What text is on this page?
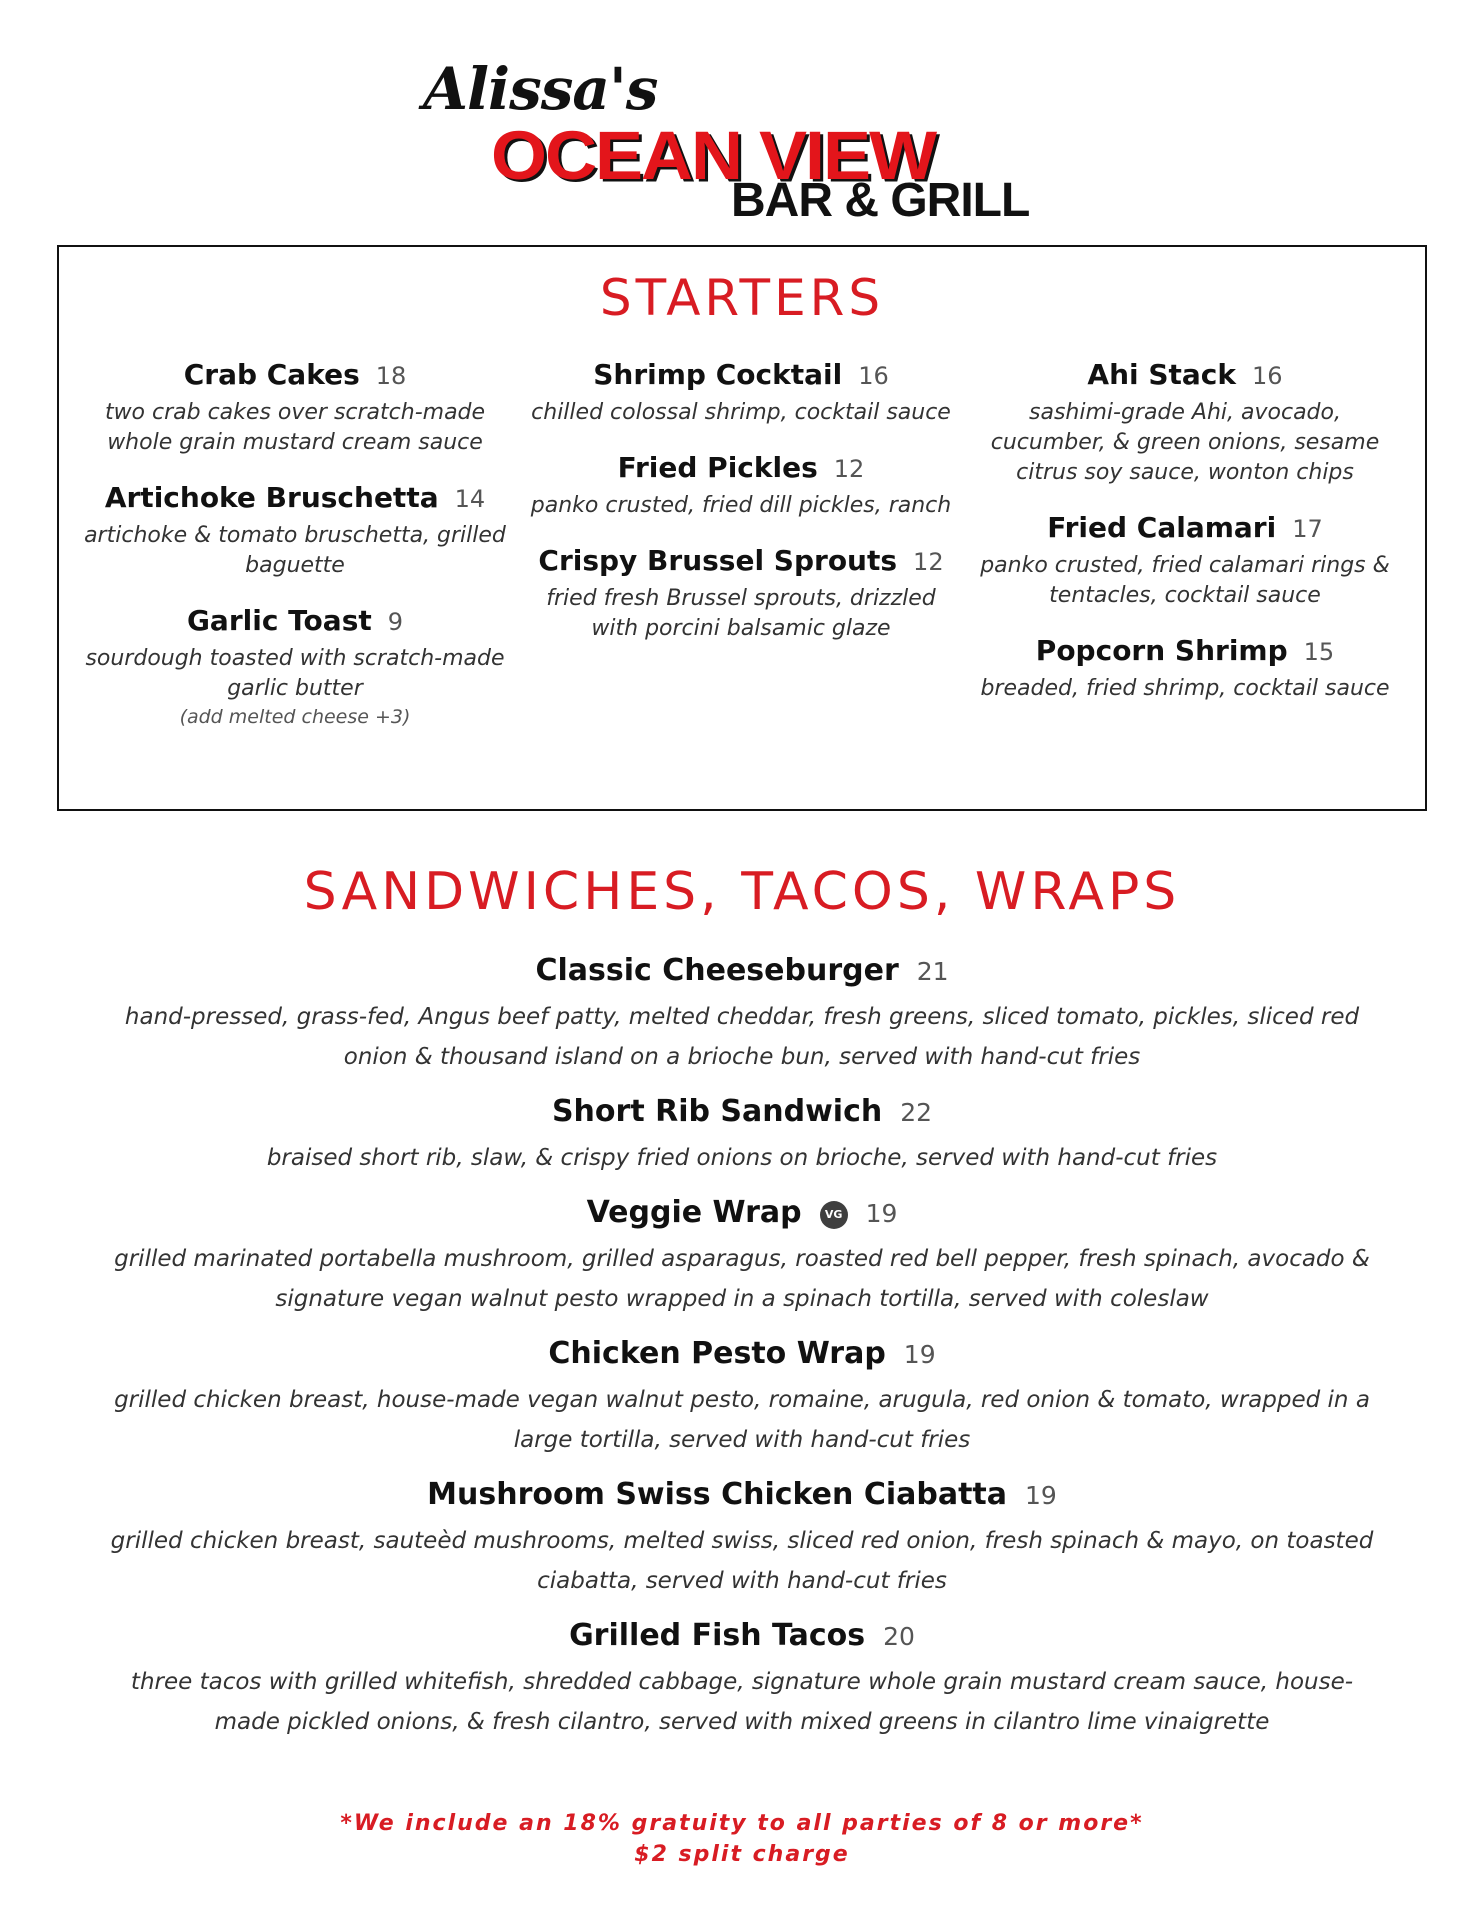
Alissa's
OCEAN VIEW
BAR & GRILL
STARTERS
Crab Cakes 18
two crab cakes over scratch-made whole grain mustard cream sauce
Artichoke Bruschetta 14
artichoke & tomato bruschetta, grilled baguette
Garlic Toast 9
sourdough toasted with scratch-made garlic butter
(add melted cheese +3)
Shrimp Cocktail 16
chilled colossal shrimp, cocktail sauce
Fried Pickles 12
panko crusted, fried dill pickles, ranch
Crispy Brussel Sprouts 12
fried fresh Brussel sprouts, drizzled with porcini balsamic glaze
Ahi Stack 16
sashimi-grade Ahi, avocado, cucumber, & green onions, sesame citrus soy sauce, wonton chips
Fried Calamari 17
panko crusted, fried calamari rings & tentacles, cocktail sauce
Popcorn Shrimp 15
breaded, fried shrimp, cocktail sauce
SANDWICHES, TACOS, WRAPS
Classic Cheeseburger 21
hand-pressed, grass-fed, Angus beef patty, melted cheddar, fresh greens, sliced tomato, pickles, sliced red onion & thousand island on a brioche bun, served with hand-cut fries
Short Rib Sandwich 22
braised short rib, slaw, & crispy fried onions on brioche, served with hand-cut fries
Veggie Wrap VG 19
grilled marinated portabella mushroom, grilled asparagus, roasted red bell pepper, fresh spinach, avocado & signature vegan walnut pesto wrapped in a spinach tortilla, served with coleslaw
Chicken Pesto Wrap 19
grilled chicken breast, house-made vegan walnut pesto, romaine, arugula, red onion & tomato, wrapped in a large tortilla, served with hand-cut fries
Mushroom Swiss Chicken Ciabatta 19
grilled chicken breast, sauteèd mushrooms, melted swiss, sliced red onion, fresh spinach & mayo, on toasted ciabatta, served with hand-cut fries
Grilled Fish Tacos 20
three tacos with grilled whitefish, shredded cabbage, signature whole grain mustard cream sauce, house-made pickled onions, & fresh cilantro, served with mixed greens in cilantro lime vinaigrette
*We include an 18% gratuity to all parties of 8 or more*
$2 split charge
